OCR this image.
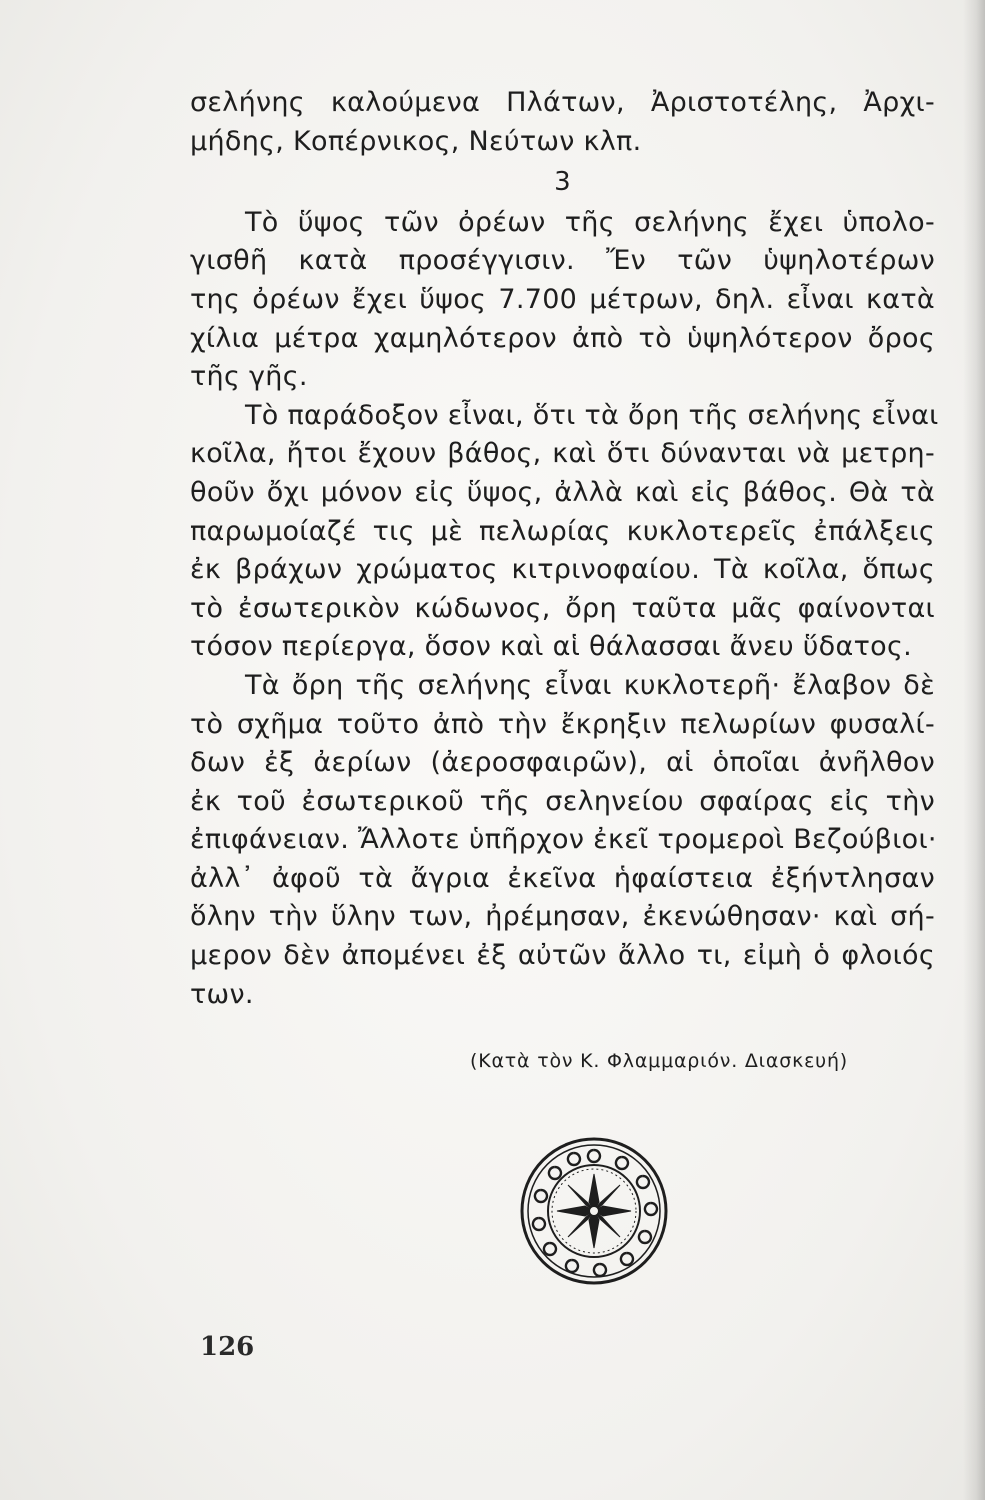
σελήνης καλούμενα Πλάτων, Ἀριστοτέλης, Ἀρχι-
μήδης, Κοπέρνικος, Νεύτων κλπ.
3
Τὸ ὕψος τῶν ὀρέων τῆς σελήνης ἔχει ὑπολο-
γισθῆ κατὰ προσέγγισιν. Ἔν τῶν ὑψηλοτέρων
της ὀρέων ἔχει ὕψος 7.700 μέτρων, δηλ. εἶναι κατὰ
χίλια μέτρα χαμηλότερον ἀπὸ τὸ ὑψηλότερον ὄρος
τῆς γῆς.
Τὸ παράδοξον εἶναι, ὅτι τὰ ὄρη τῆς σελήνης εἶναι
κοῖλα, ἤτοι ἔχουν βάθος, καὶ ὅτι δύνανται νὰ μετρη-
θοῦν ὄχι μόνον εἰς ὕψος, ἀλλὰ καὶ εἰς βάθος. Θὰ τὰ
παρωμοίαζέ τις μὲ πελωρίας κυκλοτερεῖς ἐπάλξεις
ἐκ βράχων χρώματος κιτρινοφαίου. Τὰ κοῖλα, ὅπως
τὸ ἐσωτερικὸν κώδωνος, ὄρη ταῦτα μᾶς φαίνονται
τόσον περίεργα, ὅσον καὶ αἱ θάλασσαι ἄνευ ὕδατος.
Τὰ ὄρη τῆς σελήνης εἶναι κυκλοτερῆ· ἔλαβον δὲ
τὸ σχῆμα τοῦτο ἀπὸ τὴν ἔκρηξιν πελωρίων φυσαλί-
δων ἐξ ἀερίων (ἀεροσφαιρῶν), αἱ ὁποῖαι ἀνῆλθον
ἐκ τοῦ ἐσωτερικοῦ τῆς σεληνείου σφαίρας εἰς τὴν
ἐπιφάνειαν. Ἄλλοτε ὑπῆρχον ἐκεῖ τρομεροὶ Βεζούβιοι·
ἀλλ᾽ ἀφοῦ τὰ ἄγρια ἐκεῖνα ἡφαίστεια ἐξήντλησαν
ὅλην τὴν ὕλην των, ἠρέμησαν, ἐκενώθησαν· καὶ σή-
μερον δὲν ἀπομένει ἐξ αὐτῶν ἄλλο τι, εἰμὴ ὁ φλοιός
των.
(Κατὰ τὸν Κ. Φλαμμαριόν. Διασκευή)
126
